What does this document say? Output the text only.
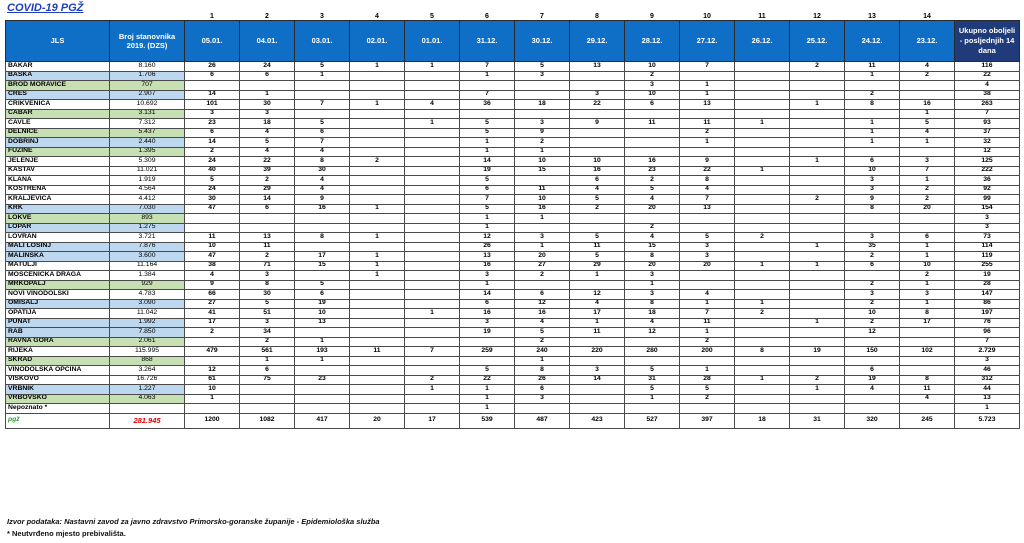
COVID-19 PGŽ
		1	2	3	4	5	6	7	8	9	10	11	12	13	14	
JLS	Broj stanovnika 2019. (DZS)	05.01.	04.01.	03.01.	02.01.	01.01.	31.12.	30.12.	29.12.	28.12.	27.12.	26.12.	25.12.	24.12.	23.12.	Ukupno oboljeli - posljednjih 14 dana
BAKAR	8.160	26	24	5	1	1	7	5	13	10	7		2	11	4	116
BAŠKA	1.706	6	6	1			1	3		2				1	2	22
BROD MORAVICE	707									3	1					4
CRES	2.907	14	1				7		3	10	1			2		38
CRIKVENICA	10.692	101	30	7	1	4	36	18	22	6	13		1	8	16	263
ČABAR	3.131	3	3												1	7
ČAVLE	7.312	23	18	5		1	5	3	9	11	11	1		1	5	93
DELNICE	5.437	6	4	6			5	9			2			1	4	37
DOBRINJ	2.440	14	5	7			1	2			1			1	1	32
FUŽINE	1.395	2	4	4			1	1								12
JELENJE	5.309	24	22	8	2		14	10	10	16	9		1	6	3	125
KASTAV	11.021	40	39	30			19	15	16	23	22	1		10	7	222
KLANA	1.919	5	2	4			5		6	2	8			3	1	36
KOSTRENA	4.564	24	29	4			6	11	4	5	4			3	2	92
KRALJEVICA	4.412	30	14	9			7	10	5	4	7		2	9	2	99
KRK	7.030	47	6	16	1		5	16	2	20	13			8	20	154
LOKVE	893						1	1								3
LOPAR	1.275						1			2						3
LOVRAN	3.721	11	13	8	1		12	3	5	4	5	2		3	6	73
MALI LOŠINJ	7.876	10	11				26	1	11	15	3		1	35	1	114
MALINSKA	3.600	47	2	17	1		13	20	5	8	3			2	1	119
MATULJI	11.164	38	71	15	1		16	27	29	20	20	1	1	6	10	255
MOŠĆENIČKA DRAGA	1.384	4	3		1		3	2	1	3					2	19
MRKOPALJ	929	9	8	5			1			1				2	1	28
NOVI VINODOLSKI	4.783	66	30	6			14	6	12	3	4			3	3	147
OMIŠALJ	3.090	27	5	19			6	12	4	8	1	1		2	1	86
OPATIJA	11.042	41	51	10		1	16	16	17	18	7	2		10	8	197
PUNAT	1.992	17	3	13			3	4	1	4	11		1	2	17	76
RAB	7.850	2	34				19	5	11	12	1			12		96
RAVNA GORA	2.061		2	1				2			2					7
RIJEKA	115.995	479	561	193	11	7	259	240	220	280	200	8	19	150	102	2.729
SKRAD	868		1	1				1								3
VINODOLSKA OPĆINA	3.264	12	6				5	8	3	5	1			6		46
VIŠKOVO	16.726	61	75	23		2	22	26	14	31	28	1	2	19	8	312
VRBNIK	1.227	10				1	1	6		5	5		1	4	11	44
VRBOVSKO	4.063	1					1	3		1	2				4	13
Nepoznato *							1									1
pgž	281.945	1200	1082	417	20	17	539	487	423	527	397	18	31	320	245	5.723
Izvor podataka: Nastavni zavod za javno zdravstvo Primorsko-goranske županije - Epidemiološka služba
* Neutvrđeno mjesto prebivališta.
